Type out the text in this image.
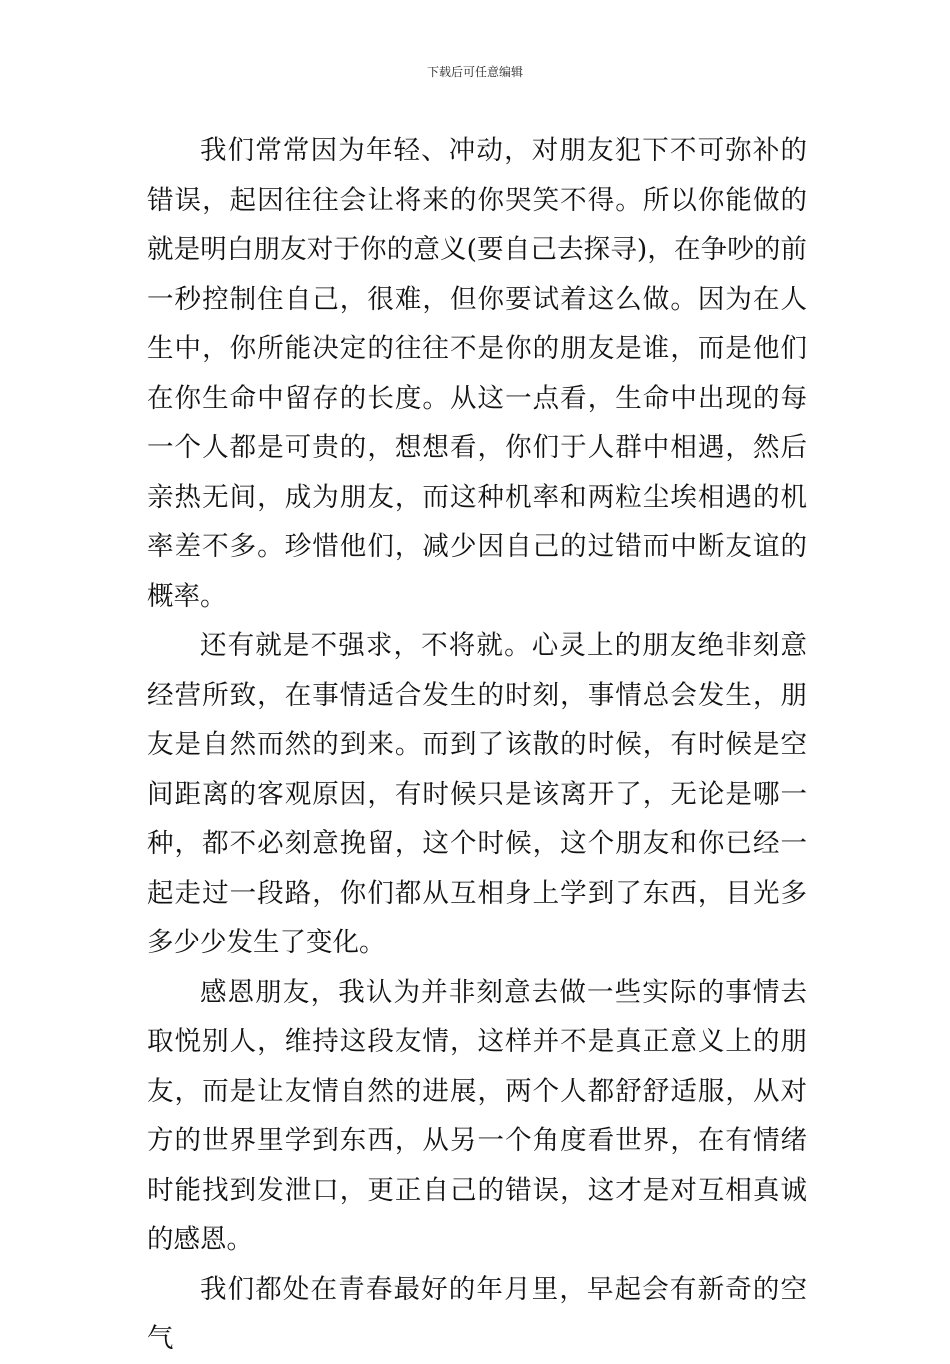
下载后可任意编辑

我们常常因为年轻、冲动，对朋友犯下不可弥补的错误，起因往往会让将来的你哭笑不得。所以你能做的就是明白朋友对于你的意义(要自己去探寻)，在争吵的前一秒控制住自己，很难，但你要试着这么做。因为在人生中，你所能决定的往往不是你的朋友是谁，而是他们在你生命中留存的长度。从这一点看，生命中出现的每一个人都是可贵的，想想看，你们于人群中相遇，然后亲热无间，成为朋友，而这种机率和两粒尘埃相遇的机率差不多。珍惜他们，减少因自己的过错而中断友谊的概率。

还有就是不强求，不将就。心灵上的朋友绝非刻意经营所致，在事情适合发生的时刻，事情总会发生，朋友是自然而然的到来。而到了该散的时候，有时候是空间距离的客观原因，有时候只是该离开了，无论是哪一种，都不必刻意挽留，这个时候，这个朋友和你已经一起走过一段路，你们都从互相身上学到了东西，目光多多少少发生了变化。

感恩朋友，我认为并非刻意去做一些实际的事情去取悦别人，维持这段友情，这样并不是真正意义上的朋友，而是让友情自然的进展，两个人都舒舒适服，从对方的世界里学到东西，从另一个角度看世界，在有情绪时能找到发泄口，更正自己的错误，这才是对互相真诚的感恩。

我们都处在青春最好的年月里，早起会有新奇的空气
